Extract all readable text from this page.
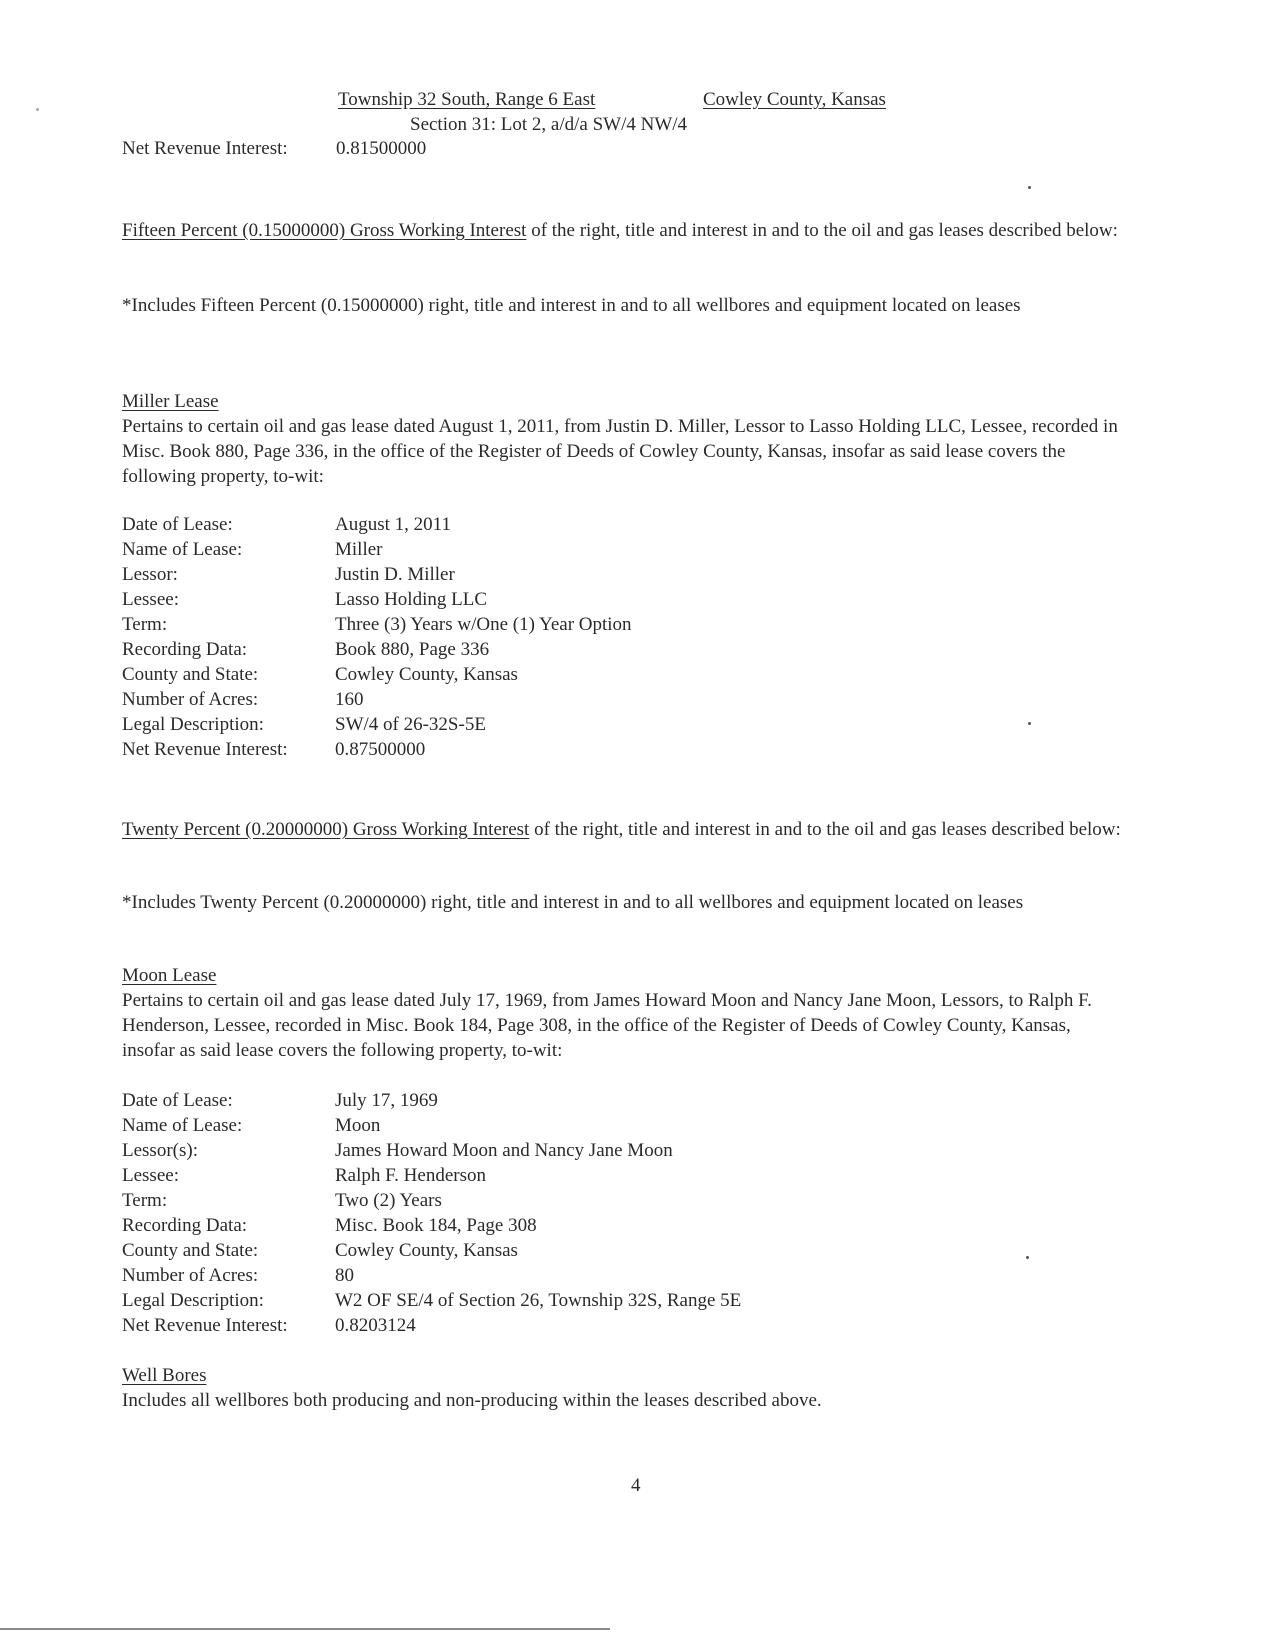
Township 32 South, Range 6 East	Cowley County, Kansas
Section 31: Lot 2, a/d/a SW/4 NW/4
Net Revenue Interest:	0.81500000
Fifteen Percent (0.15000000) Gross Working Interest of the right, title and interest in and to the oil and gas leases described below:
*Includes Fifteen Percent (0.15000000) right, title and interest in and to all wellbores and equipment located on leases
Miller Lease
Pertains to certain oil and gas lease dated August 1, 2011, from Justin D. Miller, Lessor to Lasso Holding LLC, Lessee, recorded in Misc. Book 880, Page 336, in the office of the Register of Deeds of Cowley County, Kansas, insofar as said lease covers the following property, to-wit:
Date of Lease:	August 1, 2011
Name of Lease:	Miller
Lessor:	Justin D. Miller
Lessee:	Lasso Holding LLC
Term:	Three (3) Years w/One (1) Year Option
Recording Data:	Book 880, Page 336
County and State:	Cowley County, Kansas
Number of Acres:	160
Legal Description:	SW/4 of 26-32S-5E
Net Revenue Interest: 0.87500000
Twenty Percent (0.20000000) Gross Working Interest of the right, title and interest in and to the oil and gas leases described below:
*Includes Twenty Percent (0.20000000) right, title and interest in and to all wellbores and equipment located on leases
Moon Lease
Pertains to certain oil and gas lease dated July 17, 1969, from James Howard Moon and Nancy Jane Moon, Lessors, to Ralph F. Henderson, Lessee, recorded in Misc. Book 184, Page 308, in the office of the Register of Deeds of Cowley County, Kansas, insofar as said lease covers the following property, to-wit:
Date of Lease:	July 17, 1969
Name of Lease:	Moon
Lessor(s):	James Howard Moon and Nancy Jane Moon
Lessee:	Ralph F. Henderson
Term:	Two (2) Years
Recording Data:	Misc. Book 184, Page 308
County and State:	Cowley County, Kansas
Number of Acres:	80
Legal Description:	W2 OF SE/4 of Section 26, Township 32S, Range 5E
Net Revenue Interest: 0.8203124
Well Bores
Includes all wellbores both producing and non-producing within the leases described above.
4
